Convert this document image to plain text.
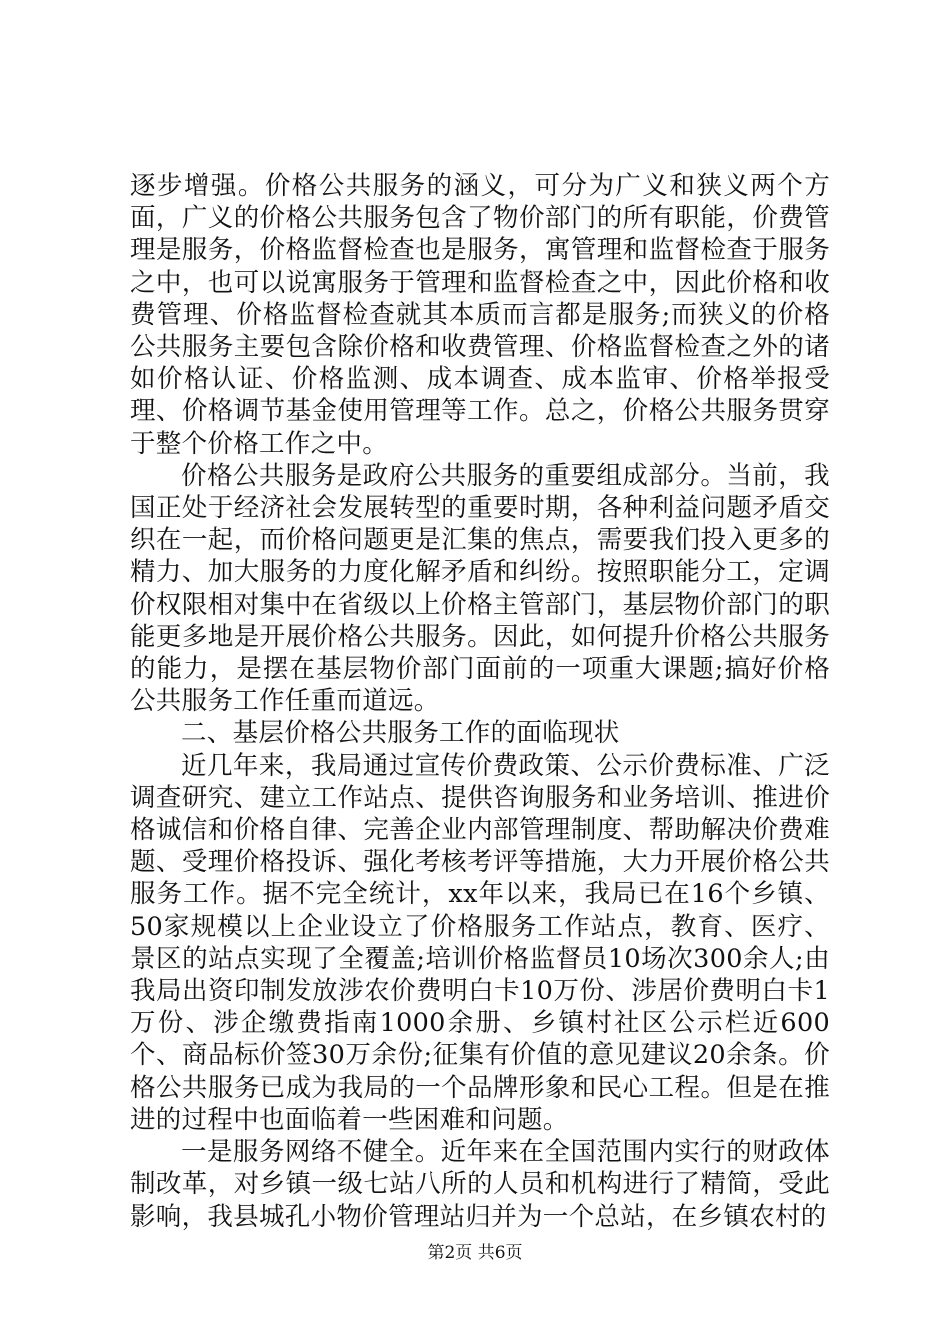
逐步增强。价格公共服务的涵义，可分为广义和狭义两个方面，广义的价格公共服务包含了物价部门的所有职能，价费管理是服务，价格监督检查也是服务，寓管理和监督检查于服务之中，也可以说寓服务于管理和监督检查之中，因此价格和收费管理、价格监督检查就其本质而言都是服务;而狭义的价格公共服务主要包含除价格和收费管理、价格监督检查之外的诸如价格认证、价格监测、成本调查、成本监审、价格举报受理、价格调节基金使用管理等工作。总之，价格公共服务贯穿于整个价格工作之中。

价格公共服务是政府公共服务的重要组成部分。当前，我国正处于经济社会发展转型的重要时期，各种利益问题矛盾交织在一起，而价格问题更是汇集的焦点，需要我们投入更多的精力、加大服务的力度化解矛盾和纠纷。按照职能分工，定调价权限相对集中在省级以上价格主管部门，基层物价部门的职能更多地是开展价格公共服务。因此，如何提升价格公共服务的能力，是摆在基层物价部门面前的一项重大课题;搞好价格公共服务工作任重而道远。

二、基层价格公共服务工作的面临现状

近几年来，我局通过宣传价费政策、公示价费标准、广泛调查研究、建立工作站点、提供咨询服务和业务培训、推进价格诚信和价格自律、完善企业内部管理制度、帮助解决价费难题、受理价格投诉、强化考核考评等措施，大力开展价格公共服务工作。据不完全统计，xx年以来，我局已在16个乡镇、50家规模以上企业设立了价格服务工作站点，教育、医疗、景区的站点实现了全覆盖;培训价格监督员10场次300余人;由我局出资印制发放涉农价费明白卡10万份、涉居价费明白卡1万份、涉企缴费指南1000余册、乡镇村社区公示栏近600个、商品标价签30万余份;征集有价值的意见建议20余条。价格公共服务已成为我局的一个品牌形象和民心工程。但是在推进的过程中也面临着一些困难和问题。

一是服务网络不健全。近年来在全国范围内实行的财政体制改革，对乡镇一级七站八所的人员和机构进行了精简，受此影响，我县城孔小物价管理站归并为一个总站，在乡镇农村的

第2页 共6页
